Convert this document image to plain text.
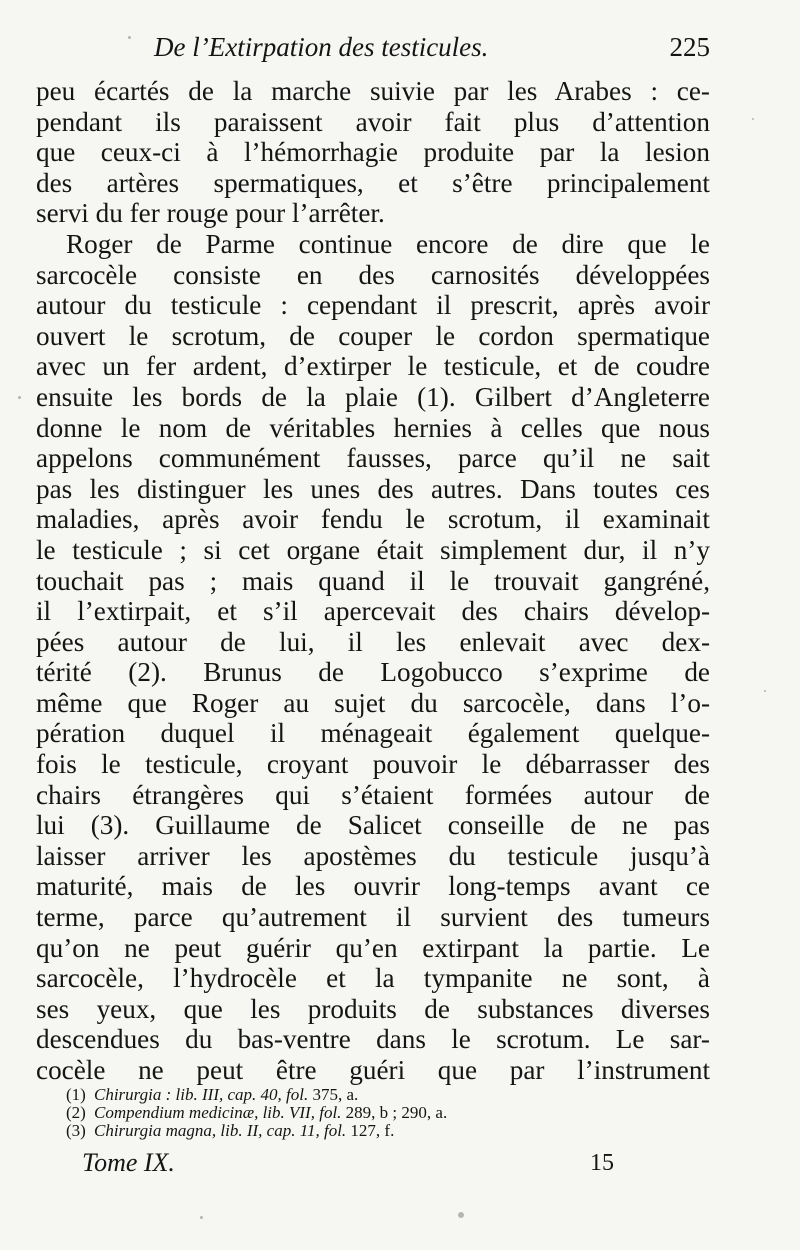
De l’Extirpation des testicules.	225
peu écartés de la marche suivie par les Arabes : ce-
pendant ils paraissent avoir fait plus d’attention
que ceux-ci à l’hémorrhagie produite par la lesion
des artères spermatiques, et s’être principalement
servi du fer rouge pour l’arrêter.
Roger de Parme continue encore de dire que le
sarcocèle consiste en des carnosités développées
autour du testicule : cependant il prescrit, après avoir
ouvert le scrotum, de couper le cordon spermatique
avec un fer ardent, d’extirper le testicule, et de coudre
ensuite les bords de la plaie (1). Gilbert d’Angleterre
donne le nom de véritables hernies à celles que nous
appelons communément fausses, parce qu’il ne sait
pas les distinguer les unes des autres. Dans toutes ces
maladies, après avoir fendu le scrotum, il examinait
le testicule ; si cet organe était simplement dur, il n’y
touchait pas ; mais quand il le trouvait gangréné,
il l’extirpait, et s’il apercevait des chairs dévelop-
pées autour de lui, il les enlevait avec dex-
térité (2). Brunus de Logobucco s’exprime de
même que Roger au sujet du sarcocèle, dans l’o-
pération duquel il ménageait également quelque-
fois le testicule, croyant pouvoir le débarrasser des
chairs étrangères qui s’étaient formées autour de
lui (3). Guillaume de Salicet conseille de ne pas
laisser arriver les apostèmes du testicule jusqu’à
maturité, mais de les ouvrir long-temps avant ce
terme, parce qu’autrement il survient des tumeurs
qu’on ne peut guérir qu’en extirpant la partie. Le
sarcocèle, l’hydrocèle et la tympanite ne sont, à
ses yeux, que les produits de substances diverses
descendues du bas-ventre dans le scrotum. Le sar-
cocèle ne peut être guéri que par l’instrument
(1) Chirurgia : lib. III, cap. 40, fol. 375, a.
(2) Compendium medicinæ, lib. VII, fol. 289, b ; 290, a.
(3) Chirurgia magna, lib. II, cap. 11, fol. 127, f.
Tome IX.	15
